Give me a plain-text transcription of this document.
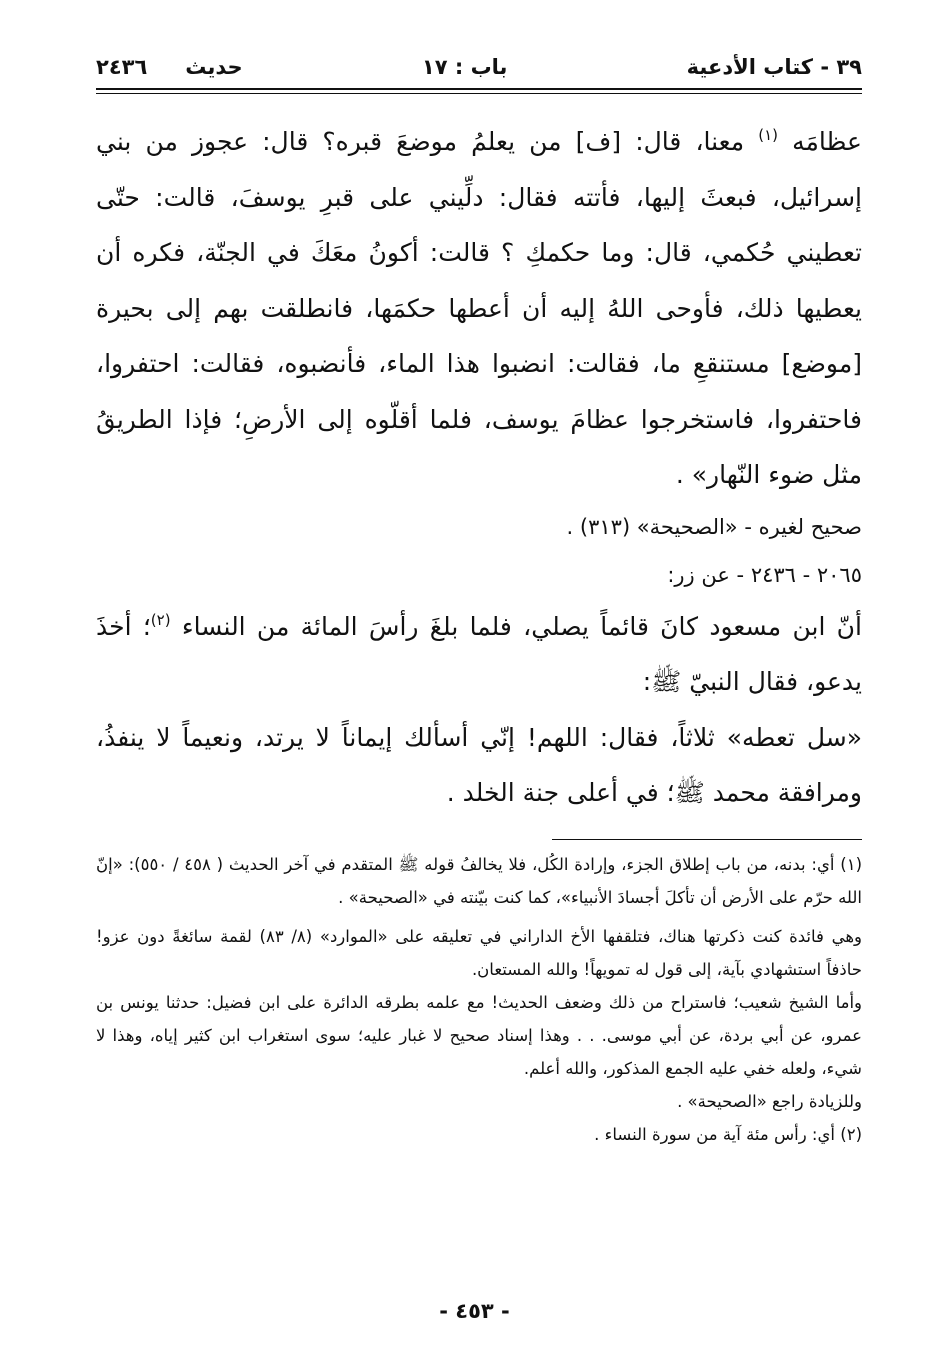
٣٩ - كتاب الأدعية
باب : ١٧
حديث
٢٤٣٦

عظامَه $^{(١)}$ معنا، قال: [ف] من يعلمُ موضعَ قبره؟ قال: عجوز من بني إسرائيل، فبعثَ إليها، فأتته فقال: دلِّيني على قبرِ يوسفَ، قالت: حتّى تعطيني حُكمي، قال: وما حكمكِ ؟ قالت: أكونُ معَكَ في الجنّة، فكره أن يعطيها ذلك، فأوحى اللهُ إليه أن أعطها حكمَها، فانطلقت بهم إلى بحيرة [موضع] مستنقعِ ما، فقالت: انضبوا هذا الماء، فأنضبوه، فقالت: احتفروا، فاحتفروا، فاستخرجوا عظامَ يوسف، فلما أقلّوه إلى الأرضِ؛ فإذا الطريقُ مثل ضوء النّهار» .

صحيح لغيره - «الصحيحة» (٣١٣) .

٢٠٦٥ - ٢٤٣٦ - عن زر:

أنّ ابن مسعود كانَ قائماً يصلي، فلما بلغَ رأسَ المائة من النساء $^{(٢)}$؛ أخذَ يدعو، فقال النبيّ ﷺ:

«سل تعطه» ثلاثاً، فقال: اللهم! إنّي أسألك إيماناً لا يرتد، ونعيماً لا ينفذُ، ومرافقة محمد ﷺ؛ في أعلى جنة الخلد .

(١) أي: بدنه، من باب إطلاق الجزء، وإرادة الكُل، فلا يخالفُ قوله ﷺ المتقدم في آخر الحديث ( ٤٥٨ / ٥٥٠): «إنّ الله حرّم على الأرض أن تأكلَ أجسادَ الأنبياء»، كما كنت بيّنته في «الصحيحة» .

وهي فائدة كنت ذكرتها هناك، فتلقفها الأخ الداراني في تعليقه على «الموارد» (٨/ ٨٣) لقمة سائغةً دون عزو! حاذفاً استشهادي بآية، إلى قول له تمويهاً! والله المستعان.

وأما الشيخ شعيب؛ فاستراح من ذلك وضعف الحديث! مع علمه بطرقه الدائرة على ابن فضيل: حدثنا يونس بن عمرو، عن أبي بردة، عن أبي موسى. . . وهذا إسناد صحيح لا غبار عليه؛ سوى استغراب ابن كثير إياه، وهذا لا شيء، ولعله خفي عليه الجمع المذكور، والله أعلم.

وللزيادة راجع «الصحيحة» .

(٢) أي: رأس مئة آية من سورة النساء .

- ٤٥٣ -
